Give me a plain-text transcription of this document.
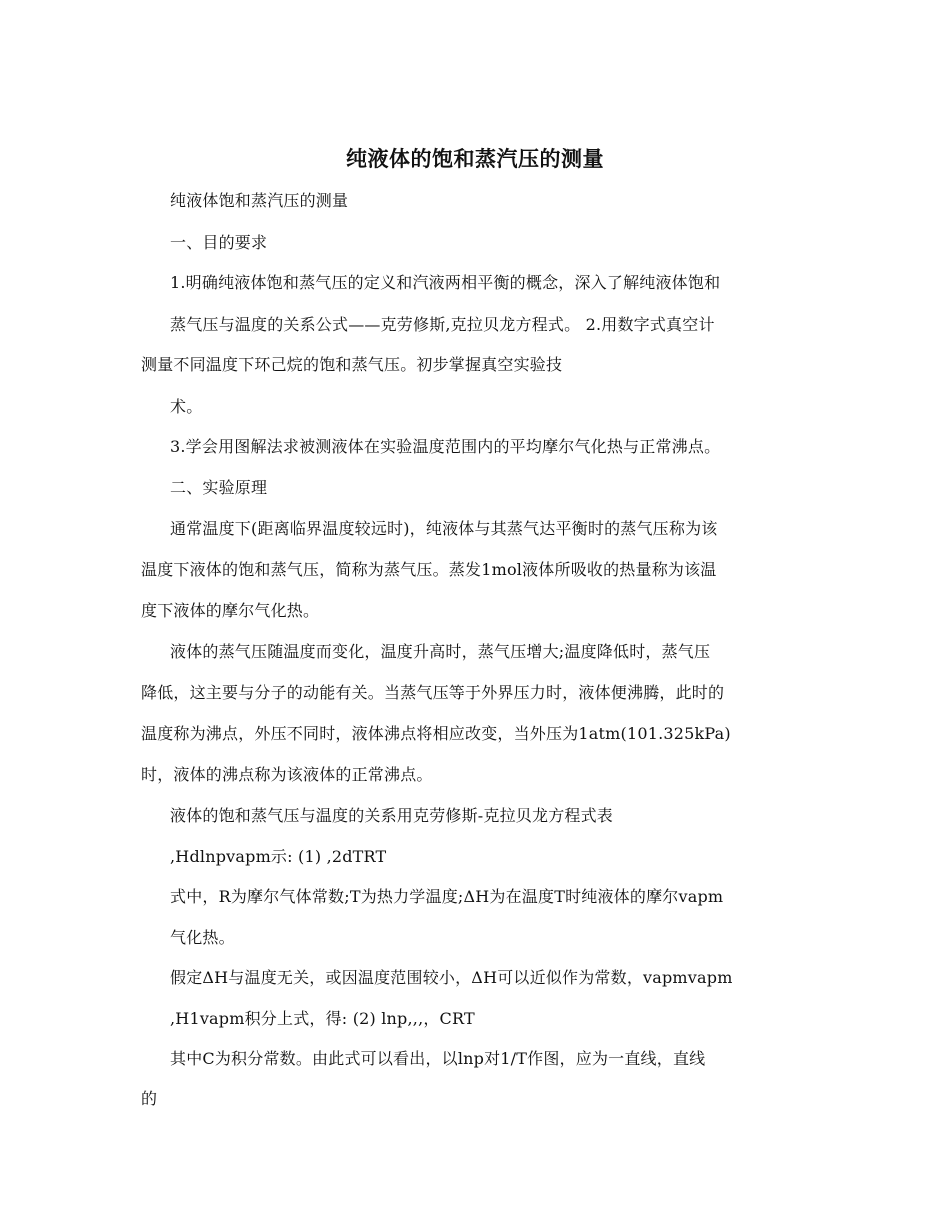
纯液体的饱和蒸汽压的测量
纯液体饱和蒸汽压的测量
一、目的要求
1.明确纯液体饱和蒸气压的定义和汽液两相平衡的概念，深入了解纯液体饱和
蒸气压与温度的关系公式——克劳修斯,克拉贝龙方程式。 2.用数字式真空计
测量不同温度下环己烷的饱和蒸气压。初步掌握真空实验技
术。
3.学会用图解法求被测液体在实验温度范围内的平均摩尔气化热与正常沸点。
二、实验原理
通常温度下(距离临界温度较远时)，纯液体与其蒸气达平衡时的蒸气压称为该
温度下液体的饱和蒸气压，简称为蒸气压。蒸发1mol液体所吸收的热量称为该温
度下液体的摩尔气化热。
液体的蒸气压随温度而变化，温度升高时，蒸气压增大;温度降低时，蒸气压
降低，这主要与分子的动能有关。当蒸气压等于外界压力时，液体便沸腾，此时的
温度称为沸点，外压不同时，液体沸点将相应改变，当外压为1atm(101.325kPa)
时，液体的沸点称为该液体的正常沸点。
液体的饱和蒸气压与温度的关系用克劳修斯-克拉贝龙方程式表
,Hdlnpvapm示: (1) ,2dTRT
式中，R为摩尔气体常数;T为热力学温度;ΔH为在温度T时纯液体的摩尔vapm
气化热。
假定ΔH与温度无关，或因温度范围较小，ΔH可以近似作为常数，vapmvapm
,H1vapm积分上式，得: (2) lnp,,,，CRT
其中C为积分常数。由此式可以看出，以lnp对1/T作图，应为一直线，直线
的
